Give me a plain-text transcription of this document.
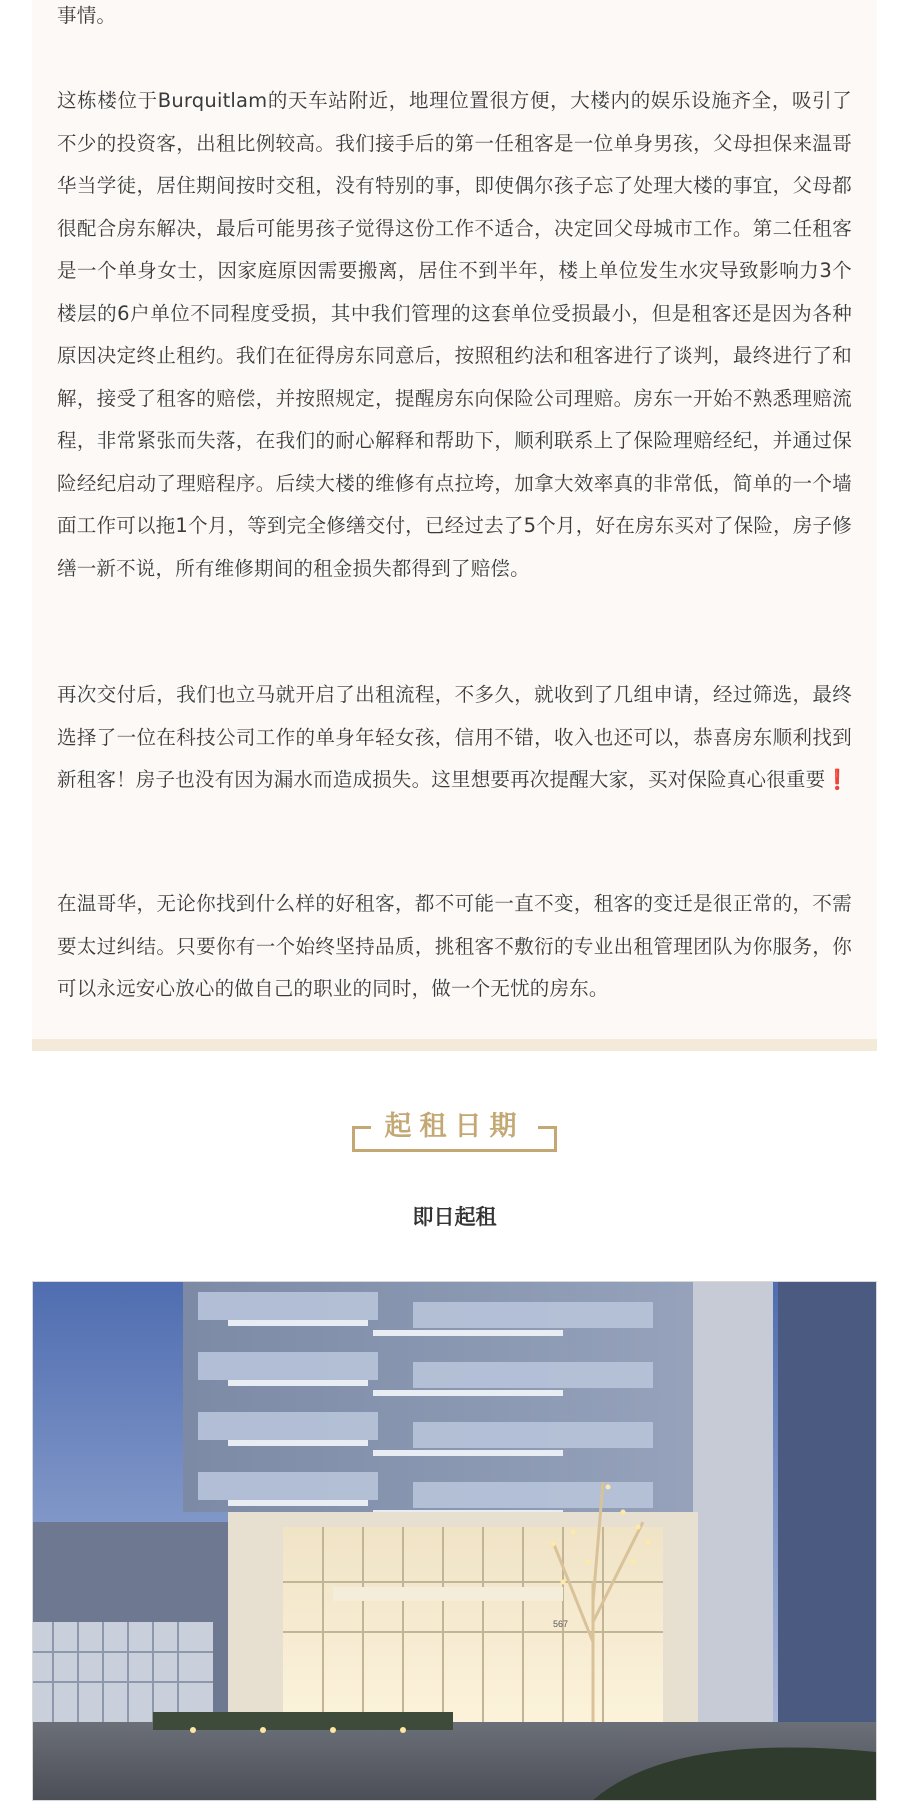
事情。

这栋楼位于Burquitlam的天车站附近，地理位置很方便，大楼内的娱乐设施齐全，吸引了不少的投资客，出租比例较高。我们接手后的第一任租客是一位单身男孩，父母担保来温哥华当学徒，居住期间按时交租，没有特别的事，即使偶尔孩子忘了处理大楼的事宜，父母都很配合房东解决，最后可能男孩子觉得这份工作不适合，决定回父母城市工作。第二任租客是一个单身女士，因家庭原因需要搬离，居住不到半年，楼上单位发生水灾导致影响力3个楼层的6户单位不同程度受损，其中我们管理的这套单位受损最小，但是租客还是因为各种原因决定终止租约。我们在征得房东同意后，按照租约法和租客进行了谈判，最终进行了和解，接受了租客的赔偿，并按照规定，提醒房东向保险公司理赔。房东一开始不熟悉理赔流程，非常紧张而失落，在我们的耐心解释和帮助下，顺利联系上了保险理赔经纪，并通过保险经纪启动了理赔程序。后续大楼的维修有点拉垮，加拿大效率真的非常低，简单的一个墙面工作可以拖1个月，等到完全修缮交付，已经过去了5个月，好在房东买对了保险，房子修缮一新不说，所有维修期间的租金损失都得到了赔偿。

再次交付后，我们也立马就开启了出租流程，不多久，就收到了几组申请，经过筛选，最终选择了一位在科技公司工作的单身年轻女孩，信用不错，收入也还可以，恭喜房东顺利找到新租客！房子也没有因为漏水而造成损失。这里想要再次提醒大家，买对保险真心很重要❗

在温哥华，无论你找到什么样的好租客，都不可能一直不变，租客的变迁是很正常的，不需要太过纠结。只要你有一个始终坚持品质，挑租客不敷衍的专业出租管理团队为你服务，你可以永远安心放心的做自己的职业的同时，做一个无忧的房东。

起租日期
即日起租
567
